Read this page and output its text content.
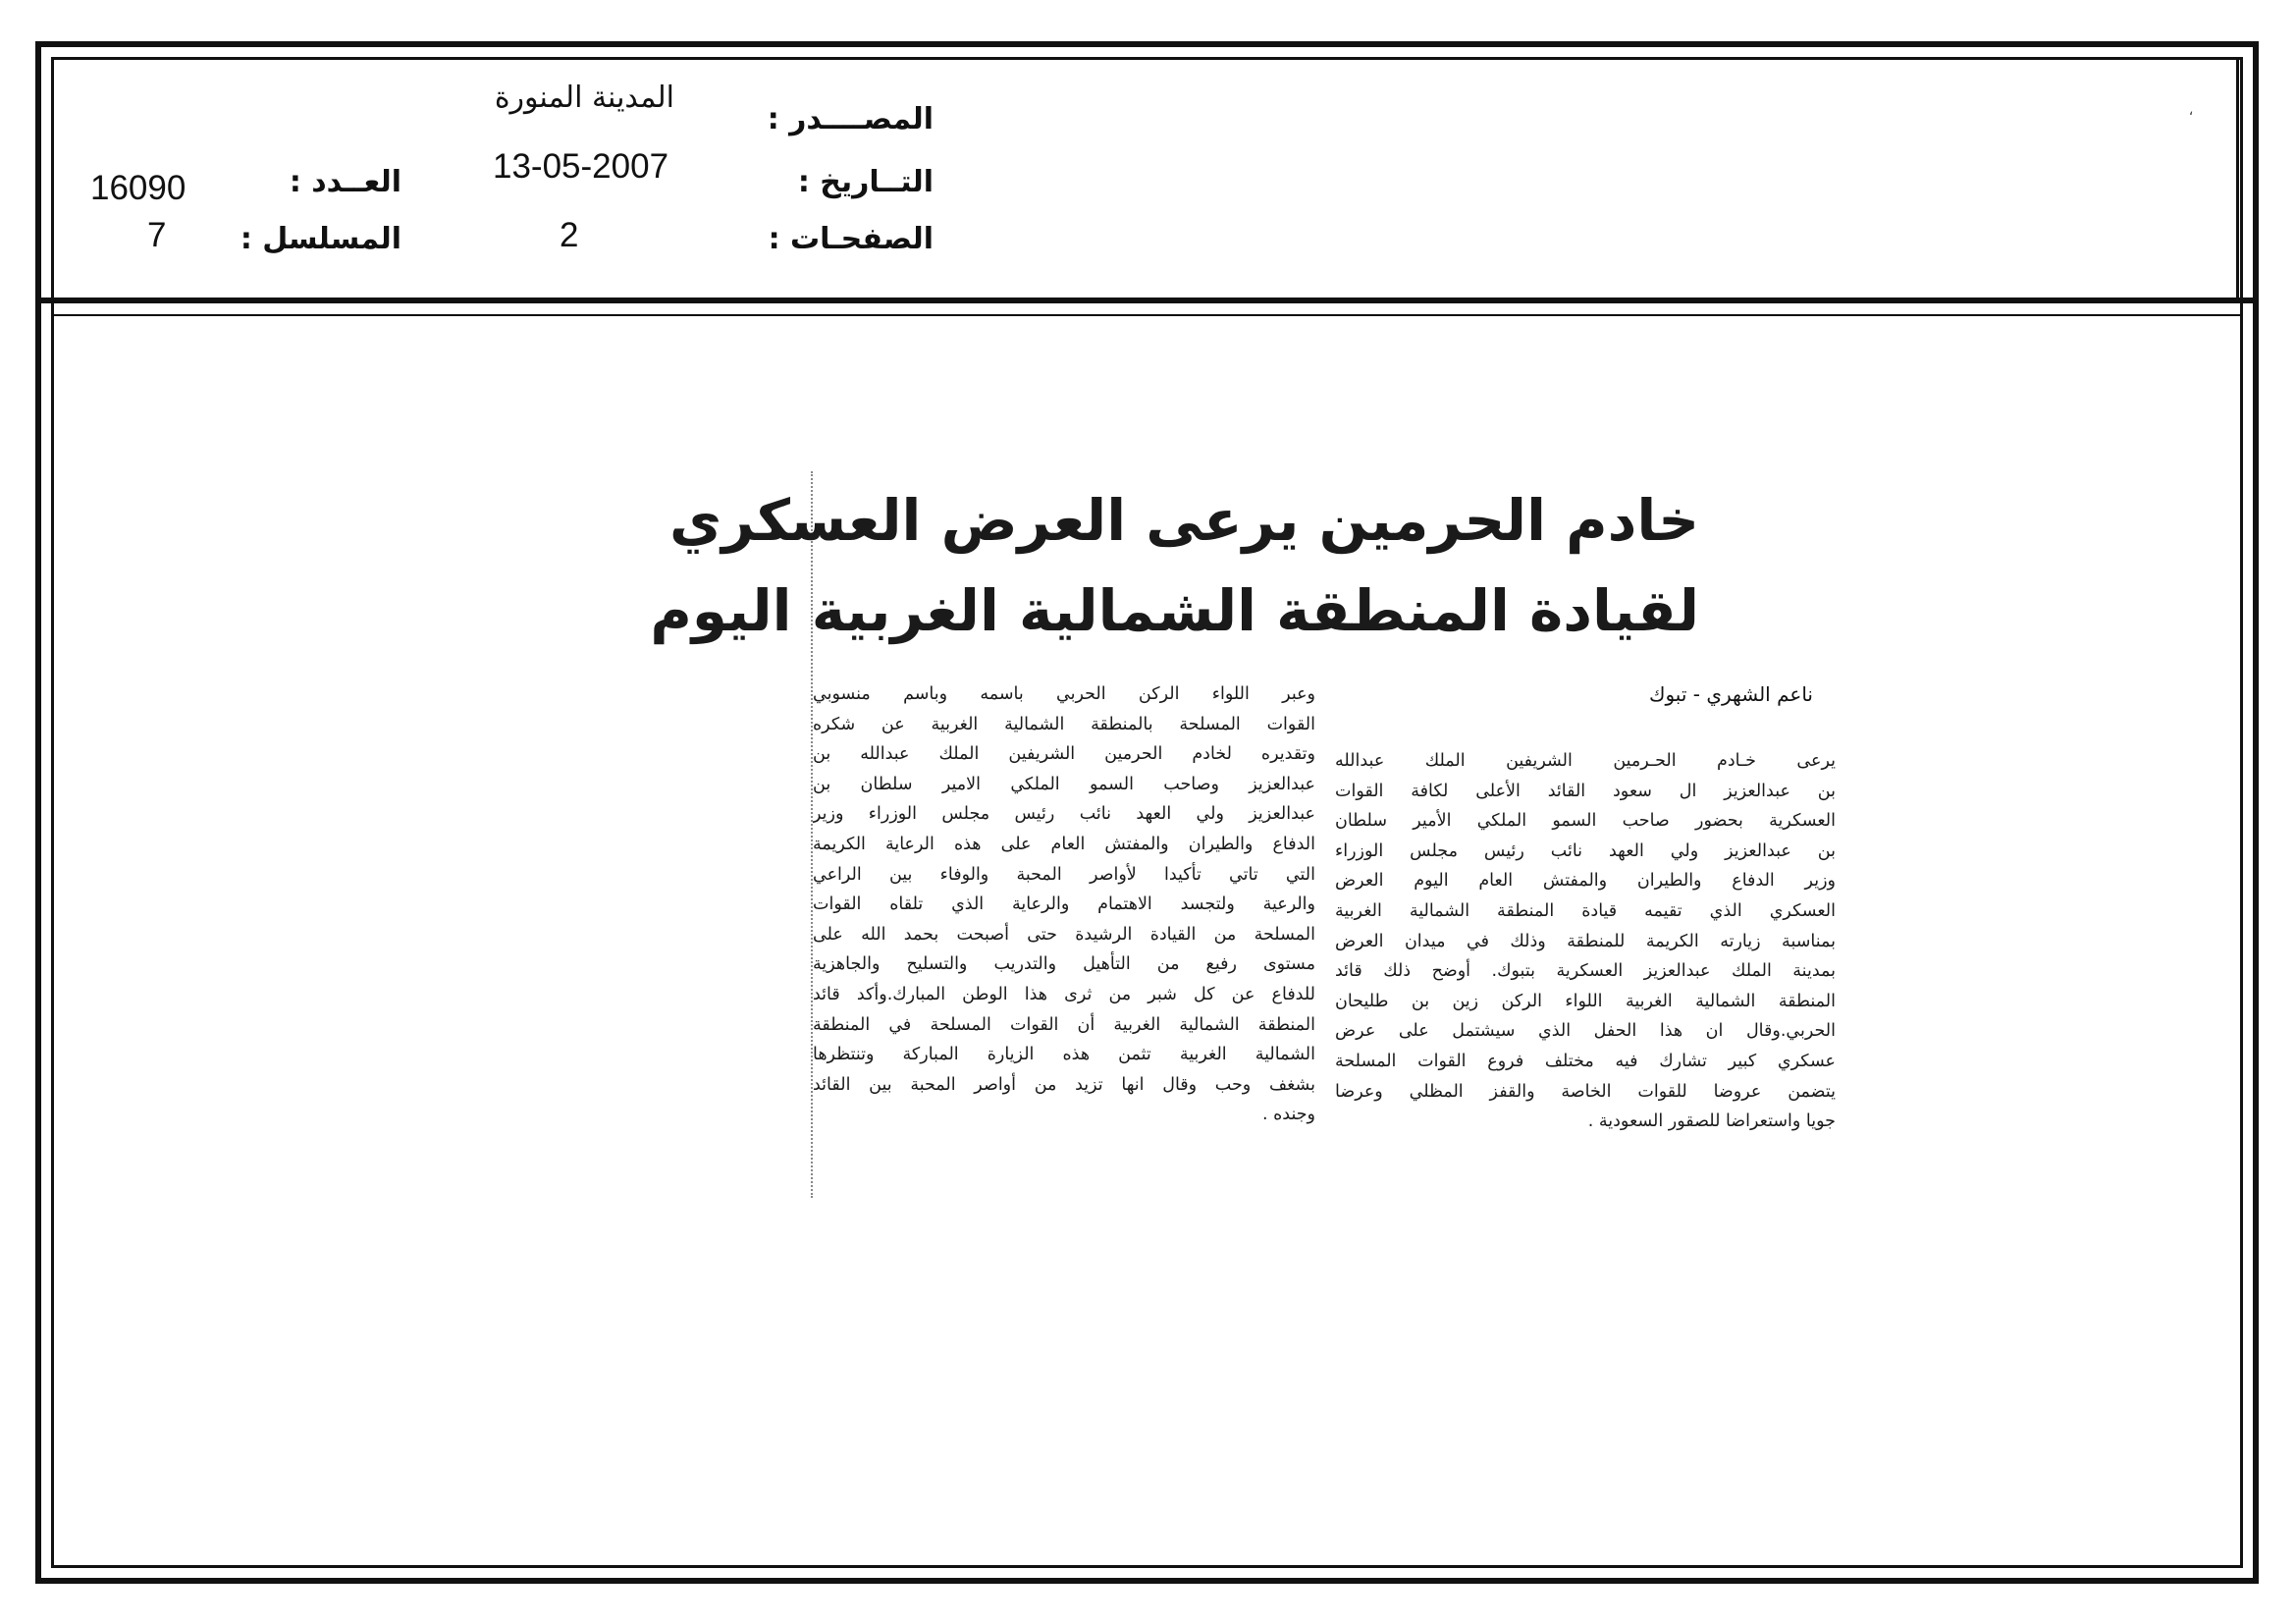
‘
المصــــدر :
المدينة المنورة
التــاريخ :
13-05-2007
الصفحـات :
2
العــدد :
16090
المسلسل :
7
خادم الحرمين يرعى العرض العسكري
لقيادة المنطقة الشمالية الغربية اليوم
ناعم الشهري - تبوك
يرعى خـادم الحـرمين الشريفين الملك عبدالله
بن عبدالعزيز ال سعود القائد الأعلى لكافة القوات
العسكرية بحضور صاحب السمو الملكي الأمير سلطان
بن عبدالعزيز ولي العهد نائب رئيس مجلس الوزراء
وزير الدفاع والطيران والمفتش العام اليوم العرض
العسكري الذي تقيمه قيادة المنطقة الشمالية الغربية
بمناسبة زيارته الكريمة للمنطقة وذلك في ميدان العرض
بمدينة الملك عبدالعزيز العسكرية بتبوك. أوضح ذلك قائد
المنطقة الشمالية الغربية اللواء الركن زين بن طليحان
الحربي.وقال ان هذا الحفل الذي سيشتمل على عرض
عسكري كبير تشارك فيه مختلف فروع القوات المسلحة
يتضمن عروضا للقوات الخاصة والقفز المظلي وعرضا
جويا واستعراضا للصقور السعودية .
وعبر اللواء الركن الحربي باسمه وباسم منسوبي
القوات المسلحة بالمنطقة الشمالية الغربية عن شكره
وتقديره لخادم الحرمين الشريفين الملك عبدالله بن
عبدالعزيز وصاحب السمو الملكي الامير سلطان بن
عبدالعزيز ولي العهد نائب رئيس مجلس الوزراء وزير
الدفاع والطيران والمفتش العام على هذه الرعاية الكريمة
التي تاتي تأكيدا لأواصر المحبة والوفاء بين الراعي
والرعية ولتجسد الاهتمام والرعاية الذي تلقاه القوات
المسلحة من القيادة الرشيدة حتى أصبحت بحمد الله على
مستوى رفيع من التأهيل والتدريب والتسليح والجاهزية
للدفاع عن كل شبر من ثرى هذا الوطن المبارك.وأكد قائد
المنطقة الشمالية الغربية أن القوات المسلحة في المنطقة
الشمالية الغربية تثمن هذه الزيارة المباركة وتنتظرها
بشغف وحب وقال انها تزيد من أواصر المحبة بين القائد
وجنده .
